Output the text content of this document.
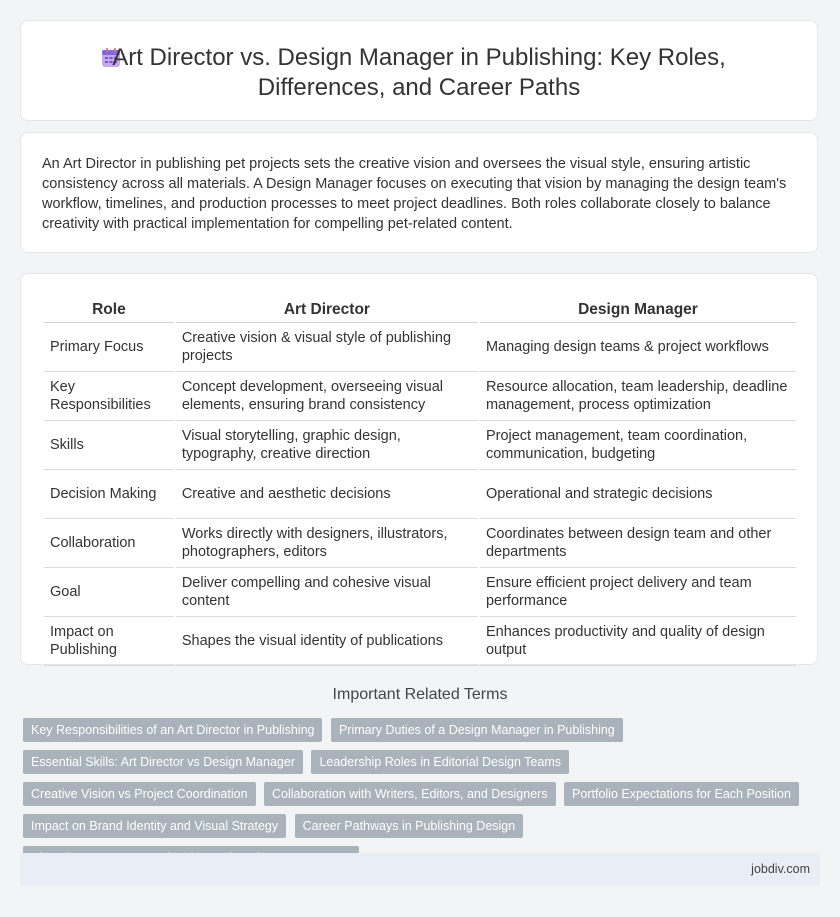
Art Director vs. Design Manager in Publishing: Key Roles,
Differences, and Career Paths
An Art Director in publishing pet projects sets the creative vision and oversees the visual style, ensuring artistic consistency across all materials. A Design Manager focuses on executing that vision by managing the design team's workflow, timelines, and production processes to meet project deadlines. Both roles collaborate closely to balance creativity with practical implementation for compelling pet-related content.
Role	Art Director	Design Manager
Primary Focus	Creative vision & visual style of publishing projects	Managing design teams & project workflows
Key Responsibilities	Concept development, overseeing visual elements, ensuring brand consistency	Resource allocation, team leadership, deadline management, process optimization
Skills	Visual storytelling, graphic design, typography, creative direction	Project management, team coordination, communication, budgeting
Decision Making	Creative and aesthetic decisions	Operational and strategic decisions
Collaboration	Works directly with designers, illustrators, photographers, editors	Coordinates between design team and other departments
Goal	Deliver compelling and cohesive visual content	Ensure efficient project delivery and team performance
Impact on Publishing	Shapes the visual identity of publications	Enhances productivity and quality of design output
Important Related Terms
Key Responsibilities of an Art Director in Publishing Primary Duties of a Design Manager in Publishing Essential Skills: Art Director vs Design Manager Leadership Roles in Editorial Design Teams Creative Vision vs Project Coordination Collaboration with Writers, Editors, and Designers Portfolio Expectations for Each Position Impact on Brand Identity and Visual Strategy Career Pathways in Publishing Design
jobdiv.com
